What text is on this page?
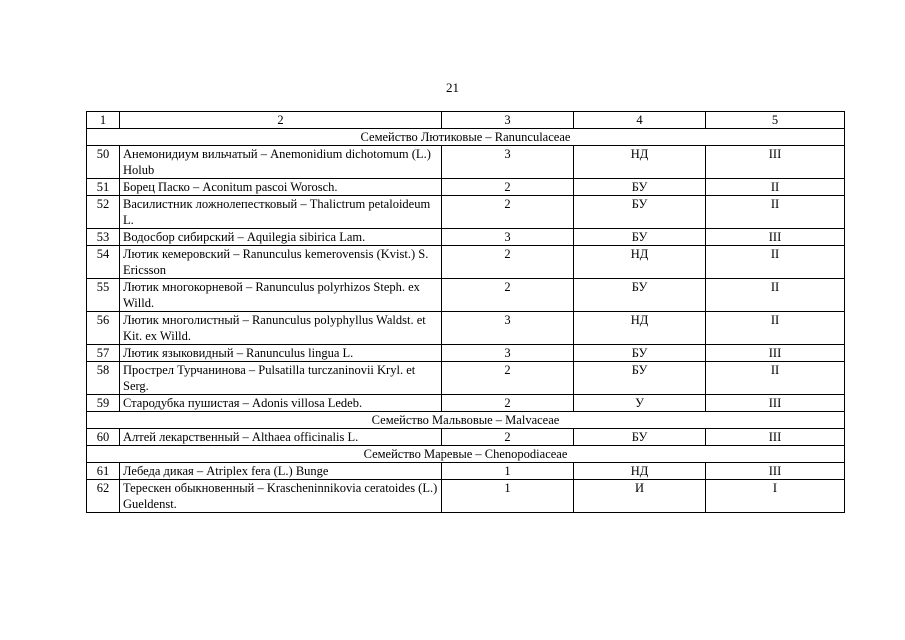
21
1	2	3	4	5
Семейство Лютиковые – Ranunculaceae				
50	Анемонидиум вильчатый – Anemonidium dichotomum (L.) Holub	3	НД	III
51	Борец Паско – Aconitum pascoi Worosch.	2	БУ	II
52	Василистник ложнолепестковый – Thalictrum petaloideum L.	2	БУ	II
53	Водосбор сибирский – Aquilegia sibirica Lam.	3	БУ	III
54	Лютик кемеровский – Ranunculus kemerovensis (Kvist.) S. Ericsson	2	НД	II
55	Лютик многокорневой – Ranunculus polyrhizos Steph. ex Willd.	2	БУ	II
56	Лютик многолистный – Ranunculus polyphyllus Waldst. et Kit. ex Willd.	3	НД	II
57	Лютик языковидный – Ranunculus lingua L.	3	БУ	III
58	Прострел Турчанинова – Pulsatilla turczaninovii Kryl. et Serg.	2	БУ	II
59	Стародубка пушистая – Adonis villosa Ledeb.	2	У	III
Семейство Мальвовые – Malvaceae				
60	Алтей лекарственный – Althaea officinalis L.	2	БУ	III
Семейство Маревые – Chenopodiaceae				
61	Лебеда дикая – Atriplex fera (L.) Bunge	1	НД	III
62	Терескен обыкновенный – Krascheninnikovia ceratoides (L.) Gueldenst.	1	И	I
